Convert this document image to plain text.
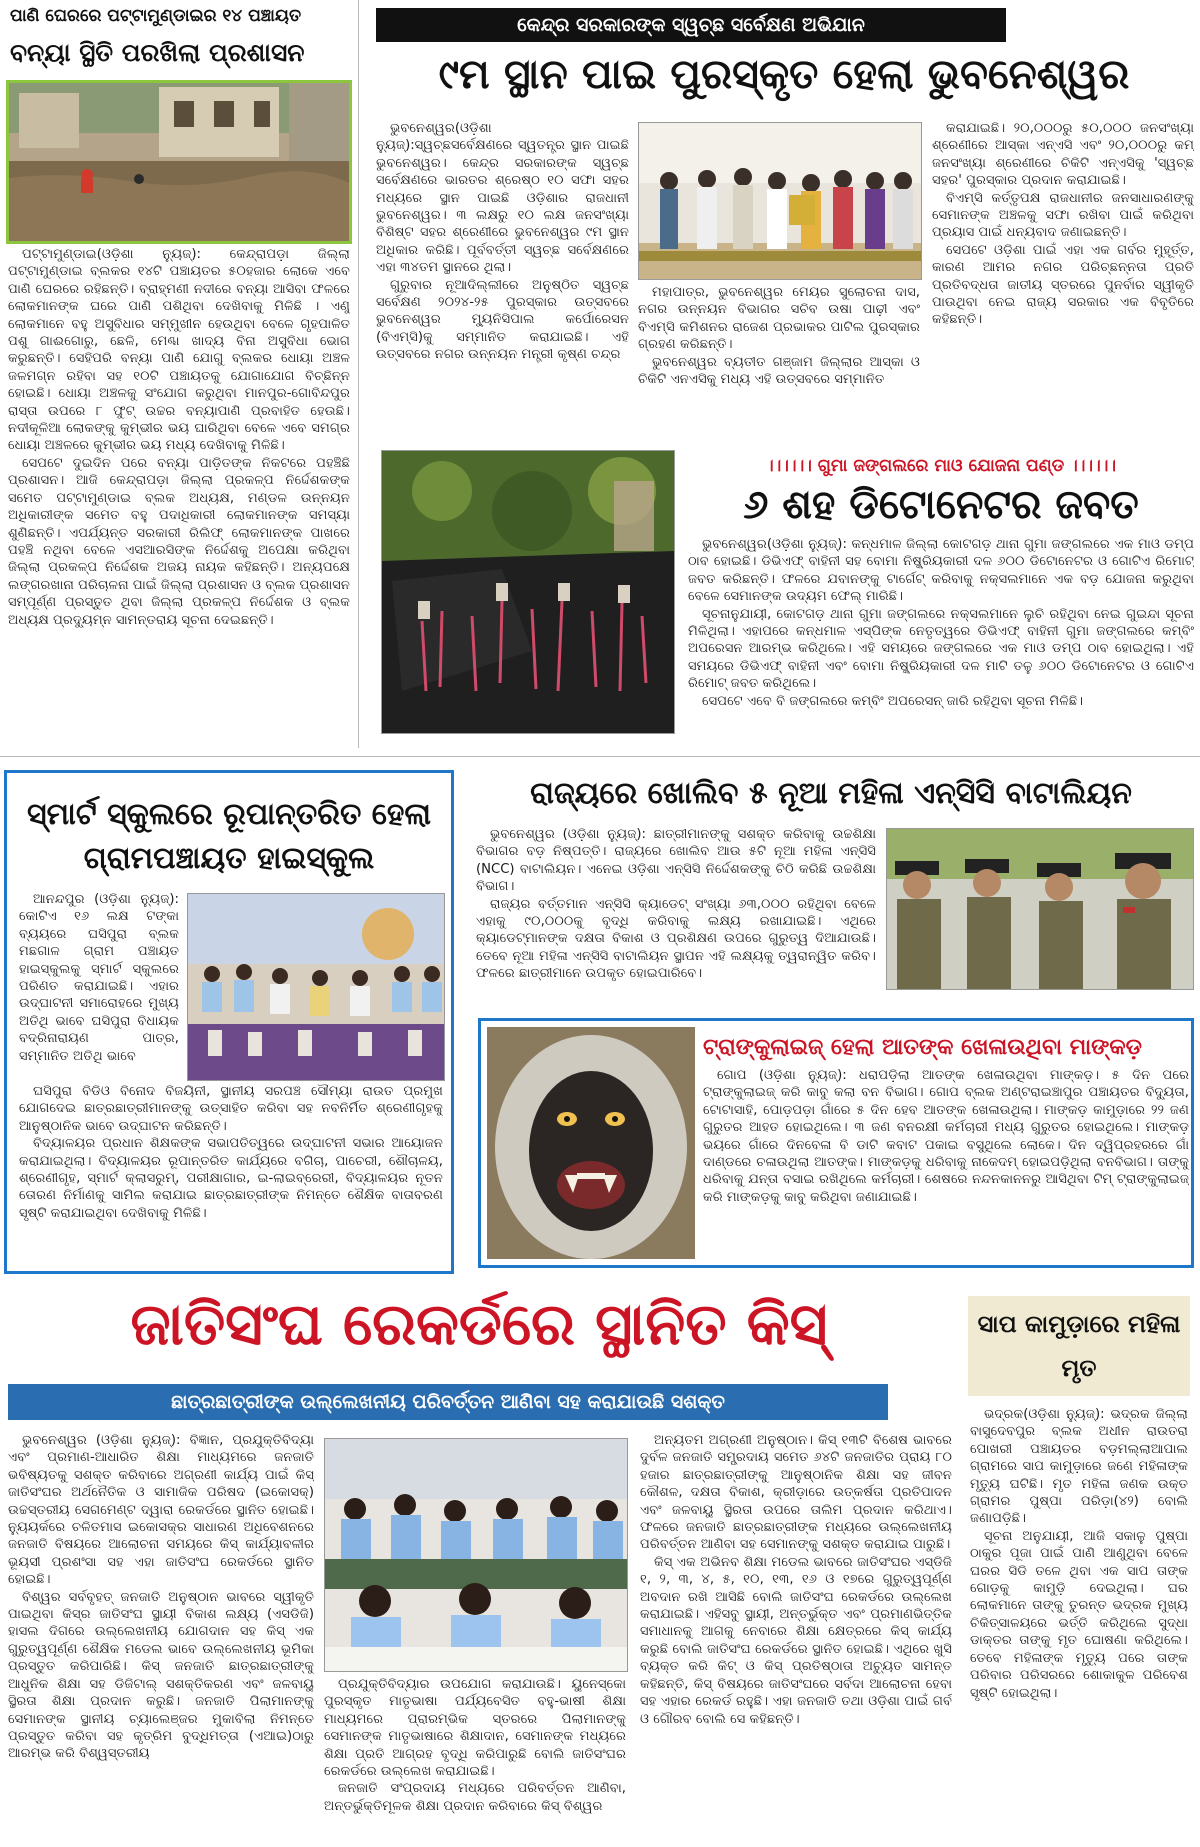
ପାଣି ଘେରରେ ପଟ୍ଟାମୁଣ୍ଡାଇର ୧୪ ପଞ୍ଚାୟତ
ବନ୍ୟା ସ୍ଥିତି ପରଖିଲା ପ୍ରଶାସନ

ପଟ୍ଟାମୁଣ୍ଡାଇ(ଓଡ଼ିଶା ନ୍ୟୁଜ୍): କେନ୍ଦ୍ରାପଡ଼ା ଜିଲ୍ଲା ପଟ୍ଟାମୁଣ୍ଡାଇ ବ୍ଲକର ୧୪ଟି ପଞ୍ଚାୟତର ୫୦ହଜାର ଲୋକେ ଏବେ ପାଣି ଘେରରେ ରହିଛନ୍ତି। ବ୍ରାହ୍ମଣୀ ନଦୀରେ ବନ୍ୟା ଆସିବା ଫଳରେ ଲୋକମାନଙ୍କ ଘରେ ପାଣି ପଶିଥିବା ଦେଖିବାକୁ ମିଳିଛି । ଏଣୁ ଲୋକମାନେ ବହୁ ଅସୁବିଧାର ସମ୍ମୁଖୀନ ହେଉଥିବା ବେଳେ ଗୃହପାଳିତ ପଶୁ ଗାଈଗୋରୁ, ଛେଳି, ମେଣ୍ଢା ଖାଦ୍ୟ ବିନା ଅସୁବିଧା ଭୋଗ କରୁଛନ୍ତି। ସେହିପରି ବନ୍ୟା ପାଣି ଯୋଗୁ ବ୍ଲକର ଧୋୟା ଅଞ୍ଚଳ ଜଳମଗ୍ନ ରହିବା ସହ ୧୦ଟି ପଞ୍ଚାୟତକୁ ଯୋଗାଯୋଗ ବିଚ୍ଛିନ୍ନ ହୋଇଛି। ଧୋୟା ଅଞ୍ଚଳକୁ ସଂଯୋଗ କରୁଥିବା ମାନପୁର-ଗୋବିନ୍ଦପୁର ରାସ୍ତା ଉପରେ ୮ ଫୁଟ୍ ଉଚ୍ଚର ବନ୍ୟାପାଣି ପ୍ରବାହିତ ହେଉଛି। ନଦୀକୂଳିଆ ଲୋକଙ୍କୁ କୁମ୍ଭୀର ଭୟ ଘାରିଥିବା ବେଳେ ଏବେ ସମଗ୍ର ଧୋୟା ଅଞ୍ଚଳରେ କୁମ୍ଭୀର ଭୟ ମଧ୍ୟ ଦେଖିବାକୁ ମିଳିଛି।

ସେପଟେ ଦୁଇଦିନ ପରେ ବନ୍ୟା ପାଡ଼ିତଙ୍କ ନିକଟରେ ପହଞ୍ଚିଛି ପ୍ରଶାସନ। ଆଜି କେନ୍ଦ୍ରାପଡ଼ା ଜିଲ୍ଲା ପ୍ରକଳ୍ପ ନିର୍ଦ୍ଦେଶକଙ୍କ ସମେତ ପଟ୍ଟାମୁଣ୍ଡାଇ ବ୍ଲକ ଅଧ୍ୟକ୍ଷ, ମଣ୍ଡଳ ଉନ୍ନୟନ ଅଧିକାରୀଙ୍କ ସମେତ ବହୁ ପଦାଧିକାରୀ ଲୋକମାନଙ୍କ ସମସ୍ୟା ଶୁଣିଛନ୍ତି। ଏପର୍ଯ୍ୟନ୍ତ ସରକାରୀ ରିଲିଫ୍ ଲୋକମାନଙ୍କ ପାଖରେ ପହଞ୍ଚି ନଥିବା ବେଳେ ଏସଆରସିଙ୍କ ନିର୍ଦ୍ଦେଶକୁ ଅପେକ୍ଷା କରିଥିବା ଜିଲ୍ଲା ପ୍ରକଳ୍ପ ନିର୍ଦ୍ଦେଶକ ଅଜୟ ନାୟକ କହିଛନ୍ତି। ଅନ୍ୟପକ୍ଷେ ଲଙ୍ଗରଖାନା ପରିଚାଳନା ପାଇଁ ଜିଲ୍ଲା ପ୍ରଶାସନ ଓ ବ୍ଲକ ପ୍ରଶାସନ ସମ୍ପୂର୍ଣ୍ଣ ପ୍ରସ୍ତୁତ ଥିବା ଜିଲ୍ଲା ପ୍ରକଳ୍ପ ନିର୍ଦ୍ଦେଶକ ଓ ବ୍ଲକ ଅଧ୍ୟକ୍ଷ ପ୍ରଦ୍ୟୁମ୍ନ ସାମନ୍ତରାୟ ସୂଚନା ଦେଇଛନ୍ତି।

କେନ୍ଦ୍ର ସରକାରଙ୍କ ସ୍ୱଚ୍ଛ ସର୍ବେକ୍ଷଣ ଅଭିଯାନ
୯ମ ସ୍ଥାନ ପାଇ ପୁରସ୍କୃତ ହେଲା ଭୁବନେଶ୍ୱର

ଭୁବନେଶ୍ୱର(ଓଡ଼ିଶା ନ୍ୟୁଜ୍):ସ୍ୱଚ୍ଛସର୍ବେକ୍ଷଣରେ ସ୍ୱତନ୍ତ୍ର ସ୍ଥାନ ପାଇଛି ଭୁବନେଶ୍ୱର। କେନ୍ଦ୍ର ସରକାରଙ୍କ ସ୍ୱଚ୍ଛ ସର୍ବେକ୍ଷଣରେ ଭାରତର ଶ୍ରେଷ୍ଠ ୧୦ ସଫା ସହର ମଧ୍ୟରେ ସ୍ଥାନ ପାଇଛି ଓଡ଼ିଶାର ରାଜଧାନୀ ଭୁବନେଶ୍ୱର। ୩ ଲକ୍ଷରୁ ୧୦ ଲକ୍ଷ ଜନସଂଖ୍ୟା ବିଶିଷ୍ଟ ସହର ଶ୍ରେଣୀରେ ଭୁବନେଶ୍ୱର ୯ମ ସ୍ଥାନ ଅଧିକାର କରିଛି। ପୂର୍ବବର୍ତ୍ତୀ ସ୍ୱଚ୍ଛ ସର୍ବେକ୍ଷଣରେ ଏହା ୩୪ତମ ସ୍ଥାନରେ ଥିଲା।

ଗୁରୁବାର ନୂଆଦିଲ୍ଲୀରେ ଅନୁଷ୍ଠିତ ସ୍ୱଚ୍ଛ ସର୍ବେକ୍ଷଣ ୨୦୨୪-୨୫ ପୁରସ୍କାର ଉତ୍ସବରେ ଭୁବନେଶ୍ୱର ମ୍ୟୁନିସିପାଲ କର୍ପୋରେସନ (ବିଏମ୍‌ସି)କୁ ସମ୍ମାନିତ କରାଯାଇଛି। ଏହି ଉତ୍ସବରେ ନଗର ଉନ୍ନୟନ ମନ୍ତ୍ରୀ କୃଷ୍ଣ ଚନ୍ଦ୍ର

ମହାପାତ୍ର, ଭୁବନେଶ୍ୱର ମେୟର ସୁଲୋଚନା ଦାସ, ନଗର ଉନ୍ନୟନ ବିଭାଗର ସଚିବ ଉଷା ପାଢ଼ୀ ଏବଂ ବିଏମ୍‌ସି କମିଶନର ରାଜେଶ ପ୍ରଭାକର ପାଟିଲ ପୁରସ୍କାର ଗ୍ରହଣ କରିଛନ୍ତି।

ଭୁବନେଶ୍ୱର ବ୍ୟତୀତ ଗଞ୍ଜାମ ଜିଲ୍ଲାର ଆସ୍କା ଓ ଚିକିଟି ଏନଏସିକୁ ମଧ୍ୟ ଏହି ଉତ୍ସବରେ ସମ୍ମାନିତ

କରାଯାଇଛି। ୨୦,୦୦୦ରୁ ୫୦,୦୦୦ ଜନସଂଖ୍ୟା ଶ୍ରେଣୀରେ ଆସ୍କା ଏନ୍‌ଏସି ଏବଂ ୨୦,୦୦୦ରୁ କମ୍ ଜନସଂଖ୍ୟା ଶ୍ରେଣୀରେ ଚିକିଟି ଏନ୍‌ଏସିକୁ 'ସ୍ୱଚ୍ଛ ସହର' ପୁରସ୍କାର ପ୍ରଦାନ କରାଯାଇଛି।

ବିଏମ୍‌ସି କର୍ତ୍ତୃପକ୍ଷ ରାଜଧାନୀର ଜନସାଧାରଣଙ୍କୁ ସେମାନଙ୍କ ଅଞ୍ଚଳକୁ ସଫା ରଖିବା ପାଇଁ କରିଥିବା ପ୍ରୟାସ ପାଇଁ ଧନ୍ୟବାଦ ଜଣାଇଛନ୍ତି।

ସେପଟେ ଓଡ଼ିଶା ପାଇଁ ଏହା ଏକ ଗର୍ବର ମୁହୂର୍ତ୍ତ, କାରଣ ଆମର ନଗର ପରିଚ୍ଛନ୍ନତା ପ୍ରତି ପ୍ରତିବଦ୍ଧତା ଜାତୀୟ ସ୍ତରରେ ପୁନର୍ବାର ସ୍ୱୀକୃତି ପାଉଥିବା ନେଇ ରାଜ୍ୟ ସରକାର ଏକ ବିବୃତିରେ କହିଛନ୍ତି।

।।।।।। ଗୁମା ଜଙ୍ଗଲରେ ମାଓ ଯୋଜନା ପଣ୍ଡ ।।।।।।
୬ ଶହ ଡିଟୋନେଟର ଜବତ

ଭୁବନେଶ୍ୱର(ଓଡ଼ିଶା ନ୍ୟୁଜ୍): କନ୍ଧମାଳ ଜିଲ୍ଲା କୋଟଗଡ଼ ଥାନା ଗୁମା ଜଙ୍ଗଲରେ ଏକ ମାଓ ଡମ୍ପ ଠାବ ହୋଇଛି। ଡିଭିଏଫ୍ ବାହିନୀ ସହ ବୋମା ନିଷ୍କ୍ରିୟକାରୀ ଦଳ ୬୦୦ ଡିଟୋନେଟର ଓ ଗୋଟିଏ ରିମୋଟ୍ ଜବତ କରିଛନ୍ତି। ଫଳରେ ଯବାନଙ୍କୁ ଟାର୍ଗେଟ୍ କରିବାକୁ ନକ୍ସଲମାନେ ଏକ ବଡ଼ ଯୋଜନା କରୁଥିବା ବେଳେ ସେମାନଙ୍କ ଉଦ୍ୟମ ଫେଲ୍ ମାରିଛି।

ସୂଚନାନୁଯାୟୀ, କୋଟଗଡ଼ ଥାନା ଗୁମା ଜଙ୍ଗଲରେ ନକ୍ସଲମାନେ ଲୁଚି ରହିଥିବା ନେଇ ଗୁଇନ୍ଦା ସୂଚନା ମିଳିଥିଲା। ଏହାପରେ କନ୍ଧମାଳ ଏସ୍‌ପିଙ୍କ ନେତୃତ୍ୱରେ ଡିଭିଏଫ୍ ବାହିନୀ ଗୁମା ଜଙ୍ଗଲରେ କମ୍ବିଂ ଅପରେସନ ଆରମ୍ଭ କରିଥିଲେ। ଏହି ସମୟରେ ଜଙ୍ଗଲରେ ଏକ ମାଓ ଡମ୍ପ ଠାବ ହୋଇଥିଲା। ଏହି ସମୟରେ ଡିଭିଏଫ୍ ବାହିନୀ ଏବଂ ବୋମା ନିଷ୍କ୍ରିୟକାରୀ ଦଳ ମାଟି ତଳୁ ୬୦୦ ଡିଟୋନେଟର ଓ ଗୋଟିଏ ରିମୋଟ୍ ଜବତ କରିଥିଲେ।

ସେପଟେ ଏବେ ବି ଜଙ୍ଗଲରେ କମ୍ବିଂ ଅପରେସନ୍ ଜାରି ରହିଥିବା ସୂଚନା ମିଳିଛି।

ସ୍ମାର୍ଟ ସ୍କୁଲରେ ରୂପାନ୍ତରିତ ହେଲା ଗ୍ରାମପଞ୍ଚାୟତ ହାଇସ୍କୁଲ

ଆନନ୍ଦପୁର (ଓଡ଼ିଶା ନ୍ୟୁଜ୍): କୋଟିଏ ୧୬ ଲକ୍ଷ ଟଙ୍କା ବ୍ୟୟରେ ଘସିପୁରା ବ୍ଲକ ମଛଗାଳ ଗ୍ରାମ ପଞ୍ଚାୟତ ହାଇସ୍କୁଲକୁ ସ୍ମାର୍ଟ ସ୍କୁଲରେ ପରିଣତ କରାଯାଇଛି। ଏହାର ଉଦ୍‌ଘାଟନୀ ସମାରୋହରେ ମୁଖ୍ୟ ଅତିଥି ଭାବେ ଘସିପୁରା ବିଧାୟକ ବଦ୍ରିନାରାୟଣ ପାତ୍ର, ସମ୍ମାନିତ ଅତିଥି ଭାବେ

ଘସିପୁରା ବିଡିଓ ବିନୋଦ ବିଜୟିନୀ, ସ୍ଥାନୀୟ ସରପଞ୍ଚ ସୌମ୍ୟା ରାଉତ ପ୍ରମୁଖ ଯୋଗଦେଇ ଛାତ୍ରଛାତ୍ରୀମାନଙ୍କୁ ଉତ୍ସାହିତ କରିବା ସହ ନବନିର୍ମିତ ଶ୍ରେଣୀଗୃହକୁ ଆନୁଷ୍ଠାନିକ ଭାବେ ଉଦ୍‌ଘାଟନ କରିଛନ୍ତି।

ବିଦ୍ୟାଳୟର ପ୍ରଧାନ ଶିକ୍ଷକଙ୍କ ସଭାପତିତ୍ୱରେ ଉଦ୍‌ଘାଟନୀ ସଭାର ଆୟୋଜନ କରାଯାଇଥିଲା। ବିଦ୍ୟାଳୟର ରୂପାନ୍ତରିତ କାର୍ଯ୍ୟରେ ବଗିଚା, ପାଚେରୀ, ଶୌଚାଳୟ, ଶ୍ରେଣୀଗୃହ, ସ୍ମାର୍ଟ କ୍ଲାସରୁମ୍, ପରୀକ୍ଷାଗାର, ଇ-ଲାଇବ୍ରେରୀ, ବିଦ୍ୟାଳୟର ନୂତନ ତୋରଣ ନିର୍ମାଣକୁ ସାମିଲ କରାଯାଇ ଛାତ୍ରଛାତ୍ରୀଙ୍କ ନିମନ୍ତେ ଶୈକ୍ଷିକ ବାତାବରଣ ସୃଷ୍ଟି କରାଯାଇଥିବା ଦେଖିବାକୁ ମିଳିଛି।

ରାଜ୍ୟରେ ଖୋଲିବ ୫ ନୂଆ ମହିଳା ଏନ୍‌ସିସି ବାଟାଲିୟନ

ଭୁବନେଶ୍ୱର (ଓଡ଼ିଶା ନ୍ୟୁଜ୍): ଛାତ୍ରୀମାନଙ୍କୁ ସଶକ୍ତ କରିବାକୁ ଉଚ୍ଚଶିକ୍ଷା ବିଭାଗର ବଡ଼ ନିଷ୍ପତ୍ତି। ରାଜ୍ୟରେ ଖୋଲିବ ଆଉ ୫ଟି ନୂଆ ମହିଳା ଏନ୍‌ସିସି (NCC) ବାଟାଲିୟନ। ଏନେଇ ଓଡ଼ିଶା ଏନ୍‌ସିସି ନିର୍ଦ୍ଦେଶକଙ୍କୁ ଚିଠି କରିଛି ଉଚ୍ଚଶିକ୍ଷା ବିଭାଗ।

ରାଜ୍ୟର ବର୍ତ୍ତମାନ ଏନ୍‌ସିସି କ୍ୟାଡେଟ୍ ସଂଖ୍ୟା ୬୩,୦୦୦ ରହିଥିବା ବେଳେ ଏହାକୁ ୯୦,୦୦୦କୁ ବୃଦ୍ଧି କରିବାକୁ ଲକ୍ଷ୍ୟ ରଖାଯାଇଛି। ଏଥିରେ କ୍ୟାଡେଟ୍‌ମାନଙ୍କ ଦକ୍ଷତା ବିକାଶ ଓ ପ୍ରଶିକ୍ଷଣ ଉପରେ ଗୁରୁତ୍ୱ ଦିଆଯାଉଛି। ତେବେ ନୂଆ ମହିଳା ଏନ୍‌ସିସି ବାଟାଲିୟନ ସ୍ଥାପନ ଏହି ଲକ୍ଷ୍ୟକୁ ତ୍ୱରାନ୍ୱିତ କରିବ। ଫଳରେ ଛାତ୍ରୀମାନେ ଉପକୃତ ହୋଇପାରିବେ।

ଟ୍ରାଙ୍କୁଲାଇଜ୍ ହେଲା ଆତଙ୍କ ଖେଳାଉଥିବା ମାଙ୍କଡ଼

ଗୋପ (ଓଡ଼ିଶା ନ୍ୟୁଜ୍): ଧରାପଡ଼ିଲା ଆତଙ୍କ ଖେଳାଉଥିବା ମାଙ୍କଡ଼। ୫ ଦିନ ପରେ ଟ୍ରାଙ୍କୁଲାଇଜ୍ କରି କାବୁ କଲା ବନ ବିଭାଗ। ଗୋପ ବ୍ଲକ ଅଣ୍ଟରାଇଞ୍ଚାପୁର ପଞ୍ଚାୟତର ବିଦ୍ୟୁତା, ଟୋଟାସାହି, ପୋଡ଼ପଡ଼ା ଗାଁରେ ୫ ଦିନ ହେବ ଆତଙ୍କ ଖେଳାଉଥିଲା। ମାଙ୍କଡ଼ କାମୁଡ଼ାରେ ୨୨ ଜଣ ଗୁରୁତର ଆହତ ହୋଇଥିଲେ। ୩ ଜଣ ବନରକ୍ଷୀ କର୍ମଚାରୀ ମଧ୍ୟ ଗୁରୁତର ହୋଇଥିଲେ। ମାଙ୍କଡ଼ ଭୟରେ ଗାଁରେ ଦିନବେଳା ବି ଡାଟି କବାଟ ପକାଇ ବସୁଥିଲେ ଲୋକେ। ଦିନ ଦ୍ୱିପ୍ରହରରେ ଗାଁ ଦାଣ୍ଡରେ ଚଳାଉଥିଲା ଆତଙ୍କ। ମାଙ୍କଡ଼କୁ ଧରିବାକୁ ନାକେଦମ୍ ହୋଇପଡ଼ିଥିଲା ବନବିଭାଗ। ତାଙ୍କୁ ଧରିବାକୁ ଯନ୍ତା ବସାଇ ରଖିଥିଲେ କର୍ମଚାରୀ। ଶେଷରେ ନନ୍ଦନକାନନରୁ ଆସିଥିବା ଟିମ୍ ଟ୍ରାଙ୍କୁଲାଇଜ୍ କରି ମାଙ୍କଡ଼କୁ କାବୁ କରିଥିବା ଜଣାଯାଇଛି।

ଜାତିସଂଘ ରେକର୍ଡରେ ସ୍ଥାନିତ କିସ୍
ଛାତ୍ରଛାତ୍ରୀଙ୍କ ଉଲ୍ଲେଖନୀୟ ପରିବର୍ତ୍ତନ ଆଣିବା ସହ କରାଯାଉଛି ସଶକ୍ତ

ଭୁବନେଶ୍ୱର (ଓଡ଼ିଶା ନ୍ୟୁଜ୍): ବିଜ୍ଞାନ, ପ୍ରଯୁକ୍ତିବିଦ୍ୟା ଏବଂ ପ୍ରମାଣ-ଆଧାରିତ ଶିକ୍ଷା ମାଧ୍ୟମରେ ଜନଜାତି ଭବିଷ୍ୟତକୁ ସଶକ୍ତ କରିବାରେ ଅଗ୍ରଣୀ କାର୍ଯ୍ୟ ପାଇଁ କିସ୍ ଜାତିସଂଘର ଅର୍ଥନୈତିକ ଓ ସାମାଜିକ ପରିଷଦ (ଇକୋସକ୍) ଉଚ୍ଚସ୍ତରୀୟ ସେଗମେଣ୍ଟ ଦ୍ୱାରା ରେକର୍ଡରେ ସ୍ଥାନିତ ହୋଇଛି। ନ୍ୟୁୟର୍କରେ ଚଳିତମାସ ଇକୋସକ୍‌ର ସାଧାରଣ ଅଧିବେଶନରେ ଜନଜାତି ବିଷୟରେ ଆଲୋଚନା ସମୟରେ କିସ୍ କାର୍ଯ୍ୟାବଳୀର ଭୂୟସୀ ପ୍ରଶଂସା ସହ ଏହା ଜାତିସଂଘ ରେକର୍ଡରେ ସ୍ଥାନିତ ହୋଇଛି।

ବିଶ୍ୱର ସର୍ବବୃହତ୍ ଜନଜାତି ଅନୁଷ୍ଠାନ ଭାବରେ ସ୍ୱୀକୃତି ପାଇଥିବା କିସ୍‌ର ଜାତିସଂଘ ସ୍ଥାୟୀ ବିକାଶ ଲକ୍ଷ୍ୟ (ଏସଡିଜି) ହାସଲ ଦିଗରେ ଉଲ୍ଲେଖନୀୟ ଯୋଗଦାନ ସହ କିସ୍ ଏକ ଗୁରୁତ୍ୱପୂର୍ଣ୍ଣ ଶୈକ୍ଷିକ ମଡେଲ ଭାବେ ଉଲ୍ଲେଖନୀୟ ଭୂମିକା ପ୍ରସ୍ତୁତ କରିପାରିଛି। କିସ୍ ଜନଜାତି ଛାତ୍ରଛାତ୍ରୀଙ୍କୁ ଆଧୁନିକ ଶିକ୍ଷା ସହ ଡିଜିଟାଲ୍ ସଶକ୍ତିକରଣ ଏବଂ ଜଳବାୟୁ ସ୍ଥିରତା ଶିକ୍ଷା ପ୍ରଦାନ କରୁଛି। ଜନଜାତି ପିଲାମାନଙ୍କୁ ସେମାନଙ୍କ ସ୍ଥାନୀୟ ଚ୍ୟାଲେଞ୍ଜର ମୁକାବିଲା ନିମନ୍ତେ ପ୍ରସ୍ତୁତ କରିବା ସହ କୃତ୍ରିମ ବୁଦ୍ଧିମତ୍ତା (ଏଆଇ)ଠାରୁ ଆରମ୍ଭ କରି ବିଶ୍ୱସ୍ତରୀୟ

ପ୍ରଯୁକ୍ତିବିଦ୍ୟାର ଉପଯୋଗ କରାଯାଉଛି। ୟୁନେସ୍କୋ ପୁରସ୍କୃତ ମାତୃଭାଷା ପର୍ଯ୍ୟବେସିତ ବହୁ-ଭାଷୀ ଶିକ୍ଷା ମାଧ୍ୟମରେ ପ୍ରାରମ୍ଭିକ ସ୍ତରରେ ପିଲାମାନଙ୍କୁ ସେମାନଙ୍କ ମାତୃଭାଷାରେ ଶିକ୍ଷାଦାନ, ସେମାନଙ୍କ ମଧ୍ୟରେ ଶିକ୍ଷା ପ୍ରତି ଆଗ୍ରହ ବୃଦ୍ଧି କରିପାରୁଛି ବୋଲି ଜାତିସଂଘର ରେକର୍ଡରେ ଉଲ୍ଲେଖ କରାଯାଇଛି।

ଜନଜାତି ସଂପ୍ରଦାୟ ମଧ୍ୟରେ ପରିବର୍ତ୍ତନ ଆଣିବା, ଅନ୍ତର୍ଭୁକ୍ତିମୂଳକ ଶିକ୍ଷା ପ୍ରଦାନ କରିବାରେ କିସ୍ ବିଶ୍ୱର

ଅନ୍ୟତମ ଅଗ୍ରଣୀ ଅନୁଷ୍ଠାନ। କିସ୍ ୧୩ଟି ବିଶେଷ ଭାବରେ ଦୁର୍ବଳ ଜନଜାତି ସମ୍ପ୍ରଦାୟ ସମେତ ୬୪ଟି ଜନଜାତିର ପ୍ରାୟ ୮୦ ହଜାର ଛାତ୍ରଛାତ୍ରୀଙ୍କୁ ଆନୁଷ୍ଠାନିକ ଶିକ୍ଷା ସହ ଜୀବନ କୌଶଳ, ଦକ୍ଷତା ବିକାଶ, କ୍ରୀଡ଼ାରେ ଉତ୍କର୍ଷତା ପ୍ରତିପାଦନ ଏବଂ ଜଳବାୟୁ ସ୍ଥିରତା ଉପରେ ତାଲିମ ପ୍ରଦାନ କରିଥାଏ। ଫଳରେ ଜନଜାତି ଛାତ୍ରଛାତ୍ରୀଙ୍କ ମଧ୍ୟରେ ଉଲ୍ଲେଖନୀୟ ପରିବର୍ତ୍ତନ ଆଣିବା ସହ ସେମାନଙ୍କୁ ସଶକ୍ତ କରାଯାଇ ପାରୁଛି।

କିସ୍ ଏକ ଅଭିନବ ଶିକ୍ଷା ମଡେଲ ଭାବରେ ଜାତିସଂଘର ଏସ୍‌ଡିଜି ୧, ୨, ୩, ୪, ୫, ୧୦, ୧୩, ୧୬ ଓ ୧୭ରେ ଗୁରୁତ୍ୱପୂର୍ଣ୍ଣ ଅବଦାନ ରଖି ଆସିଛି ବୋଲି ଜାତିସଂଘ ରେକର୍ଡରେ ଉଲ୍ଲେଖ କରାଯାଇଛି। ଏହିସବୁ ସ୍ଥାୟୀ, ଅନ୍ତର୍ଭୁକ୍ତ ଏବଂ ପ୍ରମାଣଭିତ୍ତିକ ସମାଧାନକୁ ଆଗକୁ ନେବାରେ ଶିକ୍ଷା କ୍ଷେତ୍ରରେ କିସ୍ କାର୍ଯ୍ୟ କରୁଛି ବୋଲି ଜାତିସଂଘ ରେକର୍ଡରେ ସ୍ଥାନିତ ହୋଇଛି। ଏଥିରେ ଖୁସି ବ୍ୟକ୍ତ କରି କିଟ୍ ଓ କିସ୍ ପ୍ରତିଷ୍ଠାତା ଅଚ୍ୟୁତ ସାମନ୍ତ କହିଛନ୍ତି, କିସ୍ ବିଷୟରେ ଜାତିସଂଘରେ ସର୍ବଦା ଆଲୋଚନା ହେବା ସହ ଏହାର ରେକର୍ଡ ରହୁଛି। ଏହା ଜନଜାତି ତଥା ଓଡ଼ିଶା ପାଇଁ ଗର୍ବ ଓ ଗୌରବ ବୋଲି ସେ କହିଛନ୍ତି।

ସାପ କାମୁଡ଼ାରେ ମହିଳା ମୃତ

ଭଦ୍ରକ(ଓଡ଼ିଶା ନ୍ୟୁଜ୍): ଭଦ୍ରକ ଜିଲ୍ଲା ବାସୁଦେବପୁର ବ୍ଲକ ଅଧୀନ ରାଉତରା ପୋଖରୀ ପଞ୍ଚାୟତର ବଡ଼ମଲ୍ଲାଆପାଲ ଗ୍ରାମରେ ସାପ କାମୁଡ଼ାରେ ଜଣେ ମହିଳାଙ୍କ ମୃତ୍ୟୁ ଘଟିଛି। ମୃତ ମହିଳା ଜଣକ ଉକ୍ତ ଗ୍ରାମର ପୁଷ୍ପା ପରିଡ଼ା(୪୨) ବୋଲି ଜଣାପଡ଼ିଛି।

ସୂଚନା ଅନୁଯାୟୀ, ଆଜି ସକାଳୁ ପୁଷ୍ପା ଠାକୁର ପୂଜା ପାଇଁ ପାଣି ଆଣୁଥିବା ବେଳେ ଘରର ସିଡି ତଳେ ଥିବା ଏକ ସାପ ତାଙ୍କ ଗୋଡ଼କୁ କାମୁଡ଼ି ଦେଇଥିଲା। ଘର ଲୋକମାନେ ତାଙ୍କୁ ତୁରନ୍ତ ଭଦ୍ରକ ମୁଖ୍ୟ ଚିକିତ୍ସାଳୟରେ ଭର୍ତ୍ତି କରିଥିଲେ ସୁଦ୍ଧା ଡାକ୍ତର ତାଙ୍କୁ ମୃତ ଘୋଷଣା କରିଥିଲେ। ତେବେ ମହିଳାଙ୍କ ମୃତ୍ୟୁ ପରେ ତାଙ୍କ ପରିବାର ପରିସରରେ ଶୋକାକୁଳ ପରିବେଶ ସୃଷ୍ଟି ହୋଇଥିଲା।
